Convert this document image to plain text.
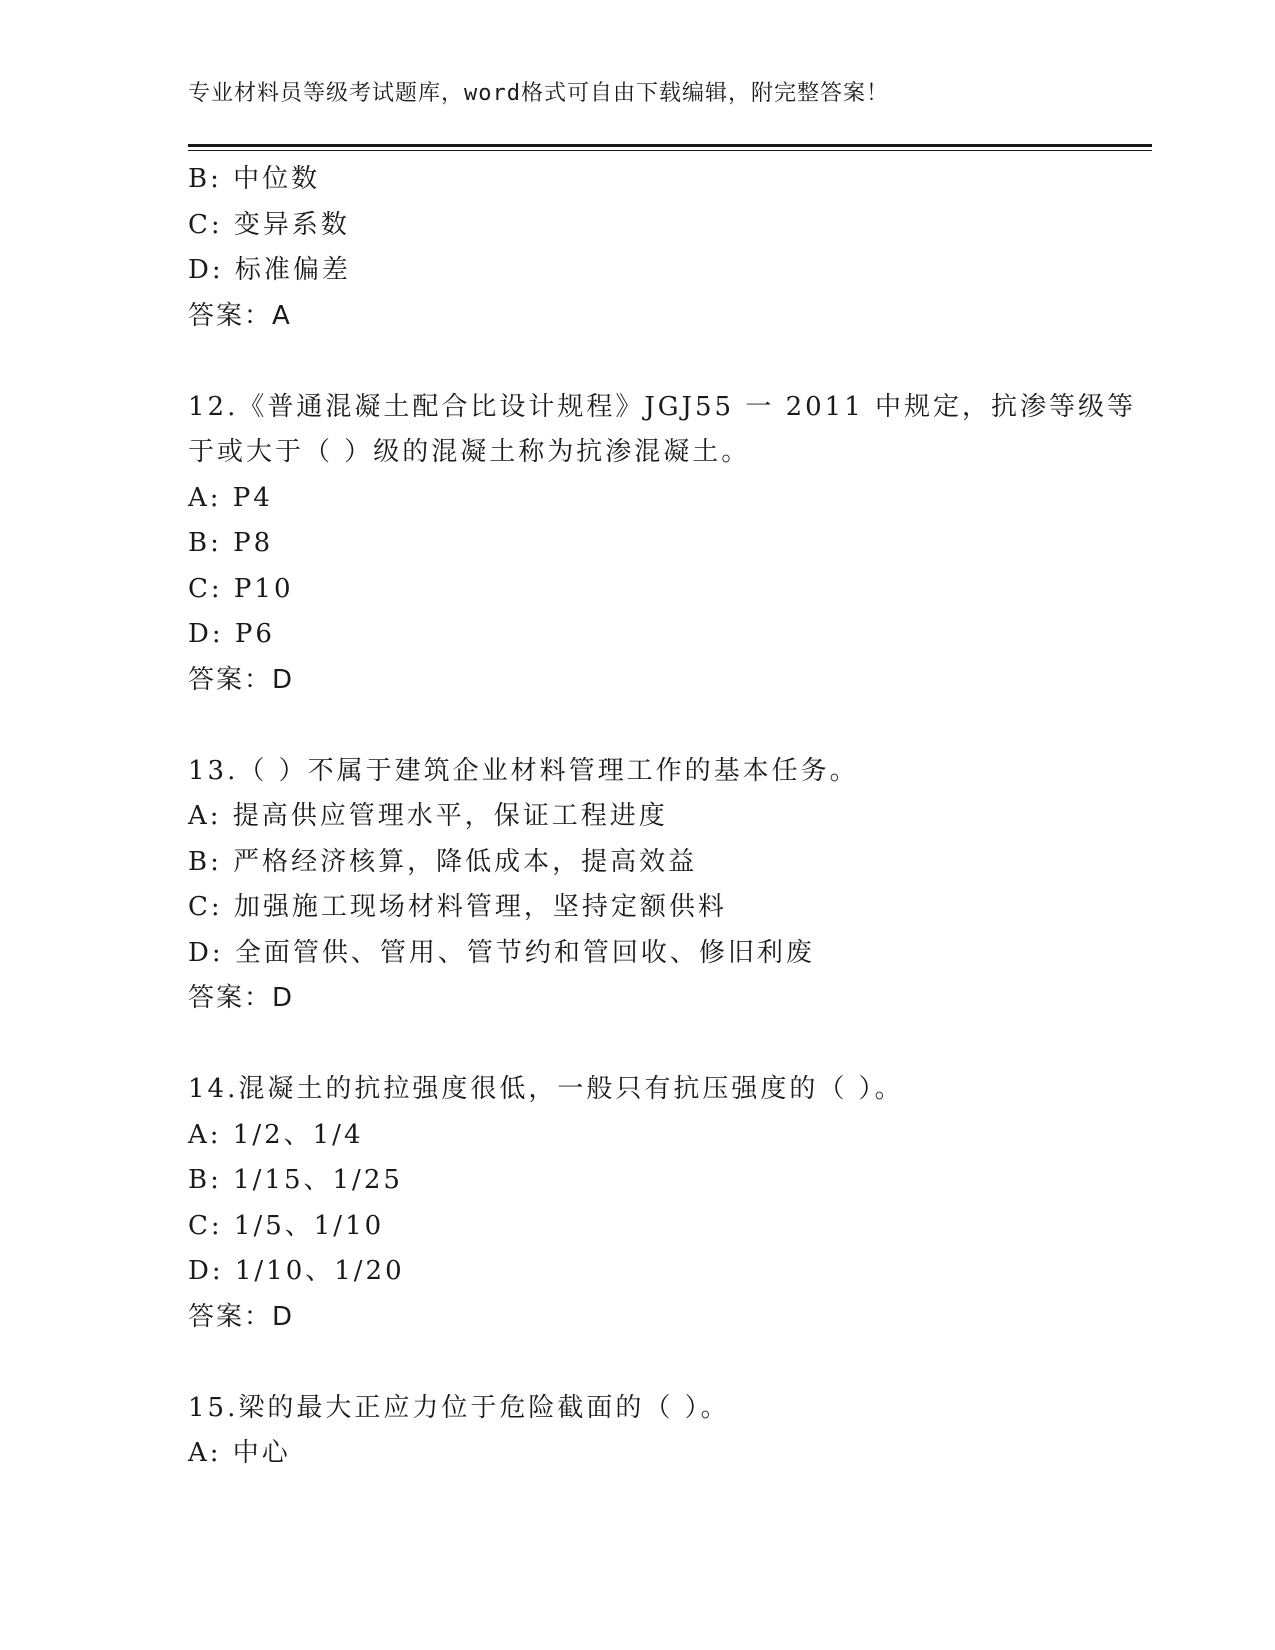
专业材料员等级考试题库，word格式可自由下载编辑，附完整答案！
B: 中位数
C: 变异系数
D: 标准偏差
答案：A
12.《普通混凝土配合比设计规程》JGJ55 一 2011 中规定，抗渗等级等
于或大于（ ）级的混凝土称为抗渗混凝土。
A: P4
B: P8
C: P10
D: P6
答案：D
13.（ ）不属于建筑企业材料管理工作的基本任务。
A: 提高供应管理水平，保证工程进度
B: 严格经济核算，降低成本，提高效益
C: 加强施工现场材料管理，坚持定额供料
D: 全面管供、管用、管节约和管回收、修旧利废
答案：D
14.混凝土的抗拉强度很低，一般只有抗压强度的（ ）。
A: 1/2、1/4
B: 1/15、1/25
C: 1/5、1/10
D: 1/10、1/20
答案：D
15.梁的最大正应力位于危险截面的（ ）。
A: 中心
